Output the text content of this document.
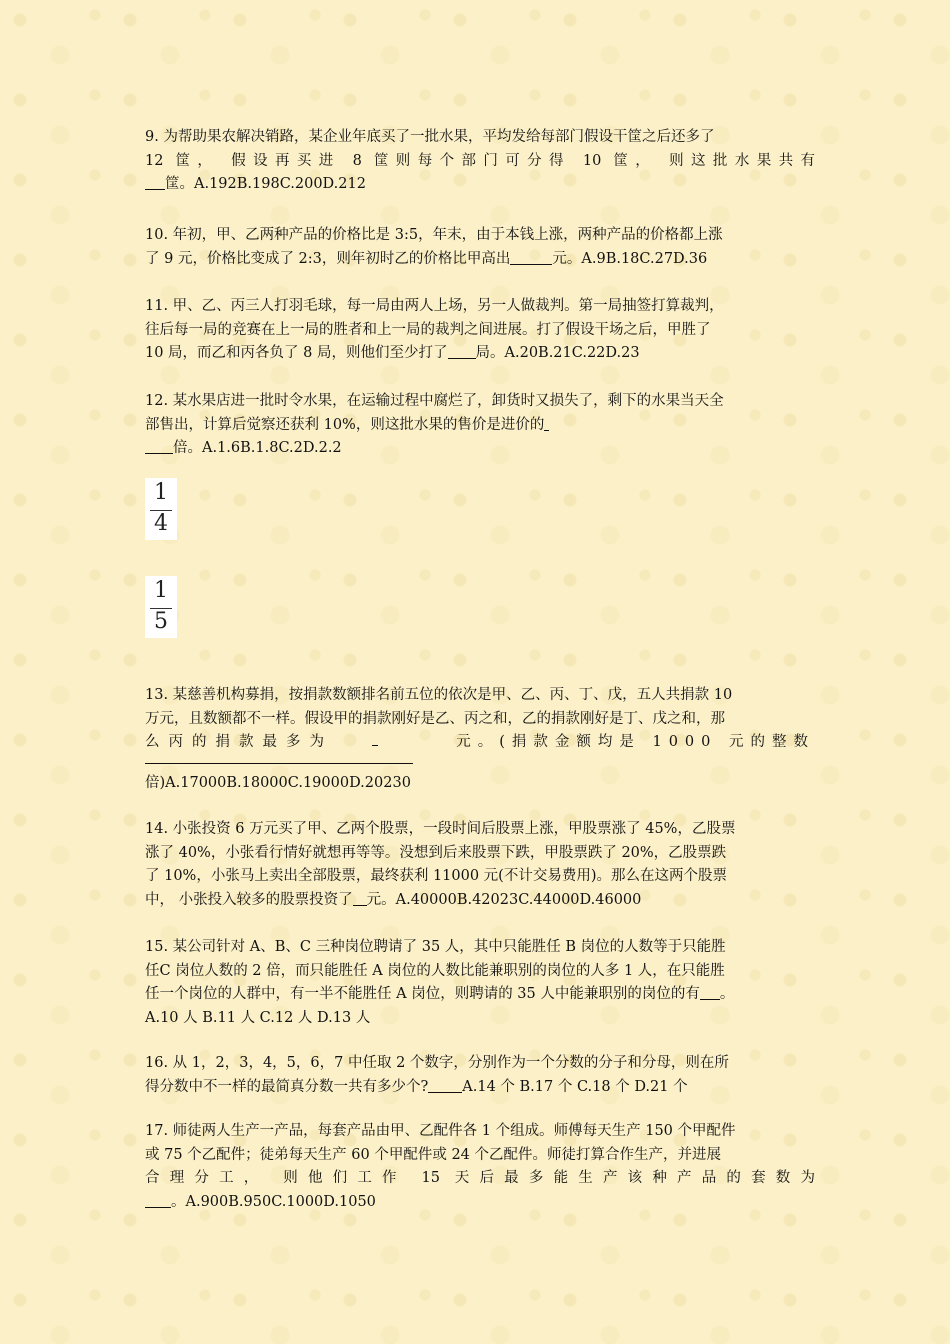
9. 为帮助果农解决销路，某企业年底买了一批水果，平均发给每部门假设干筐之后还多了

12 筐， 假设再买进 8 筐则每个部门可分得 10 筐， 则这批水果共有

筐。A.192B.198C.200D.212

10. 年初，甲、乙两种产品的价格比是 3:5，年末，由于本钱上涨，两种产品的价格都上涨

了 9 元，价格比变成了 2:3，则年初时乙的价格比甲高出	元。A.9B.18C.27D.36

11. 甲、乙、丙三人打羽毛球，每一局由两人上场，另一人做裁判。第一局抽签打算裁判，

往后每一局的竞赛在上一局的胜者和上一局的裁判之间进展。打了假设干场之后，甲胜了

10 局，而乙和丙各负了 8 局，则他们至少打了 局。A.20B.21C.22D.23

12. 某水果店进一批时令水果，在运输过程中腐烂了，卸货时又损失了，剩下的水果当天全

部售出，计算后觉察还获利 10%，则这批水果的售价是进价的

倍。A.1.6B.1.8C.2D.2.2

1
4
1
5

13. 某慈善机构募捐，按捐款数额排名前五位的依次是甲、乙、丙、丁、戊，五人共捐款 10

万元，且数额都不一样。假设甲的捐款刚好是乙、丙之和，乙的捐款刚好是丁、戊之和，那

么丙的捐款最多为	元。(捐款金额均是 1000 元的整数

倍)A.17000B.18000C.19000D.20230

14. 小张投资 6 万元买了甲、乙两个股票，一段时间后股票上涨，甲股票涨了 45%，乙股票

涨了 40%，小张看行情好就想再等等。没想到后来股票下跌，甲股票跌了 20%，乙股票跌

了 10%，小张马上卖出全部股票，最终获利 11000 元(不计交易费用)。那么在这两个股票

中， 小张投入较多的股票投资了 元。A.40000B.42023C.44000D.46000

15. 某公司针对 A、B、C 三种岗位聘请了 35 人，其中只能胜任 B 岗位的人数等于只能胜

任C 岗位人数的 2 倍，而只能胜任 A 岗位的人数比能兼职别的岗位的人多 1 人，在只能胜

任一个岗位的人群中，有一半不能胜任 A 岗位，则聘请的 35 人中能兼职别的岗位的有 。

A.10 人 B.11 人 C.12 人 D.13 人

16. 从 1，2，3，4，5，6，7 中任取 2 个数字，分别作为一个分数的分子和分母，则在所

得分数中不一样的最简真分数一共有多少个? A.14 个 B.17 个 C.18 个 D.21 个

17. 师徒两人生产一产品，每套产品由甲、乙配件各 1 个组成。师傅每天生产 150 个甲配件

或 75 个乙配件；徒弟每天生产 60 个甲配件或 24 个乙配件。师徒打算合作生产，并进展

合理分工， 则他们工作 15 天后最多能生产该种产品的套数为

。A.900B.950C.1000D.1050
